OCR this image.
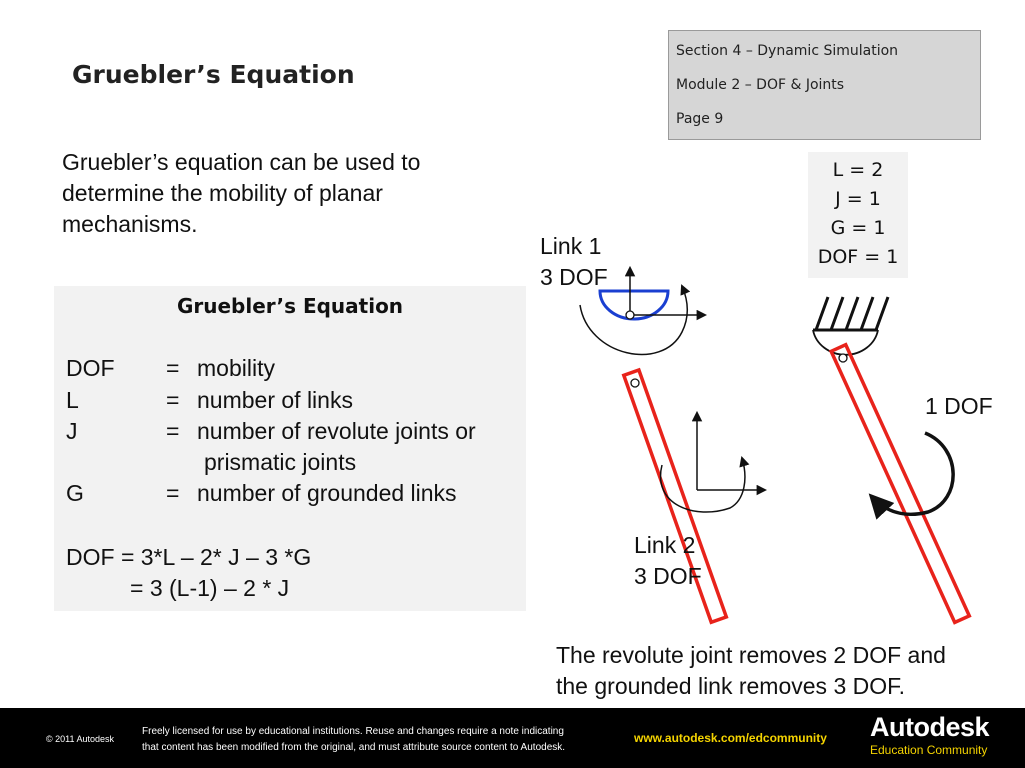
Gruebler’s Equation
Section 4 – Dynamic Simulation
Module 2 – DOF & Joints
Page 9
Gruebler’s equation can be used to determine the mobility of planar mechanisms.
Gruebler’s Equation
DOF = mobility
L	= number of links
J	= number of revolute joints or
prismatic joints
G	= number of grounded links
DOF = 3*L – 2* J – 3 *G
= 3 (L-1) – 2 * J
Link 1
3 DOF
Link 2
3 DOF
1 DOF
L = 2
J = 1
G = 1
DOF = 1
The revolute joint removes 2 DOF and
the grounded link removes 3 DOF.
© 2011 Autodesk
Freely licensed for use by educational institutions. Reuse and changes require a note indicating
that content has been modified from the original, and must attribute source content to Autodesk.
www.autodesk.com/edcommunity Autodesk
Education Community
